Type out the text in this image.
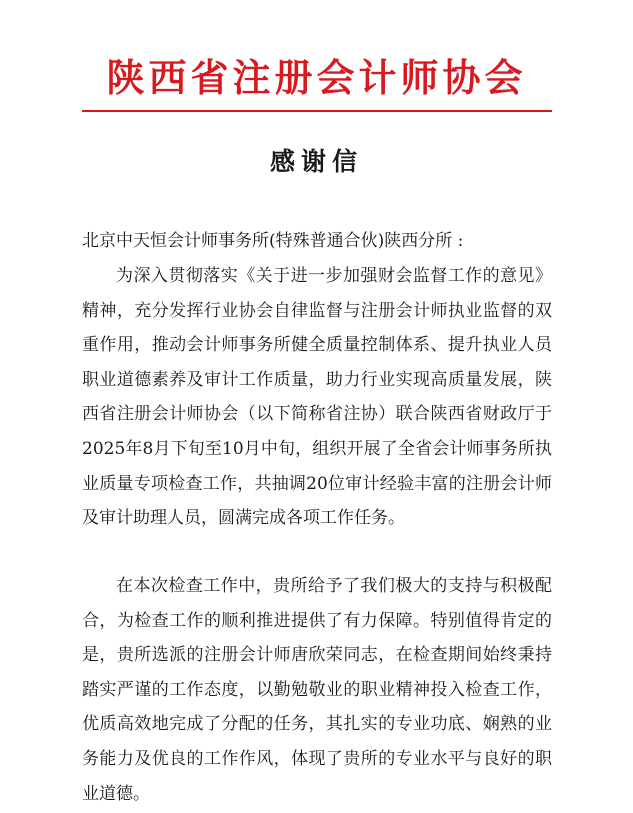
陕西省注册会计师协会
感谢信
北京中天恒会计师事务所(特殊普通合伙)陕西分所 :

为深入贯彻落实《关于进一步加强财会监督工作的意见》精神，充分发挥行业协会自律监督与注册会计师执业监督的双重作用，推动会计师事务所健全质量控制体系、提升执业人员职业道德素养及审计工作质量，助力行业实现高质量发展，陕西省注册会计师协会（以下简称省注协）联合陕西省财政厅于2025年8月下旬至10月中旬，组织开展了全省会计师事务所执业质量专项检查工作，共抽调20位审计经验丰富的注册会计师及审计助理人员，圆满完成各项工作任务。

在本次检查工作中，贵所给予了我们极大的支持与积极配合，为检查工作的顺利推进提供了有力保障。特别值得肯定的是，贵所选派的注册会计师唐欣荣同志，在检查期间始终秉持踏实严谨的工作态度，以勤勉敬业的职业精神投入检查工作，优质高效地完成了分配的任务，其扎实的专业功底、娴熟的业务能力及优良的工作作风，体现了贵所的专业水平与良好的职业道德。
